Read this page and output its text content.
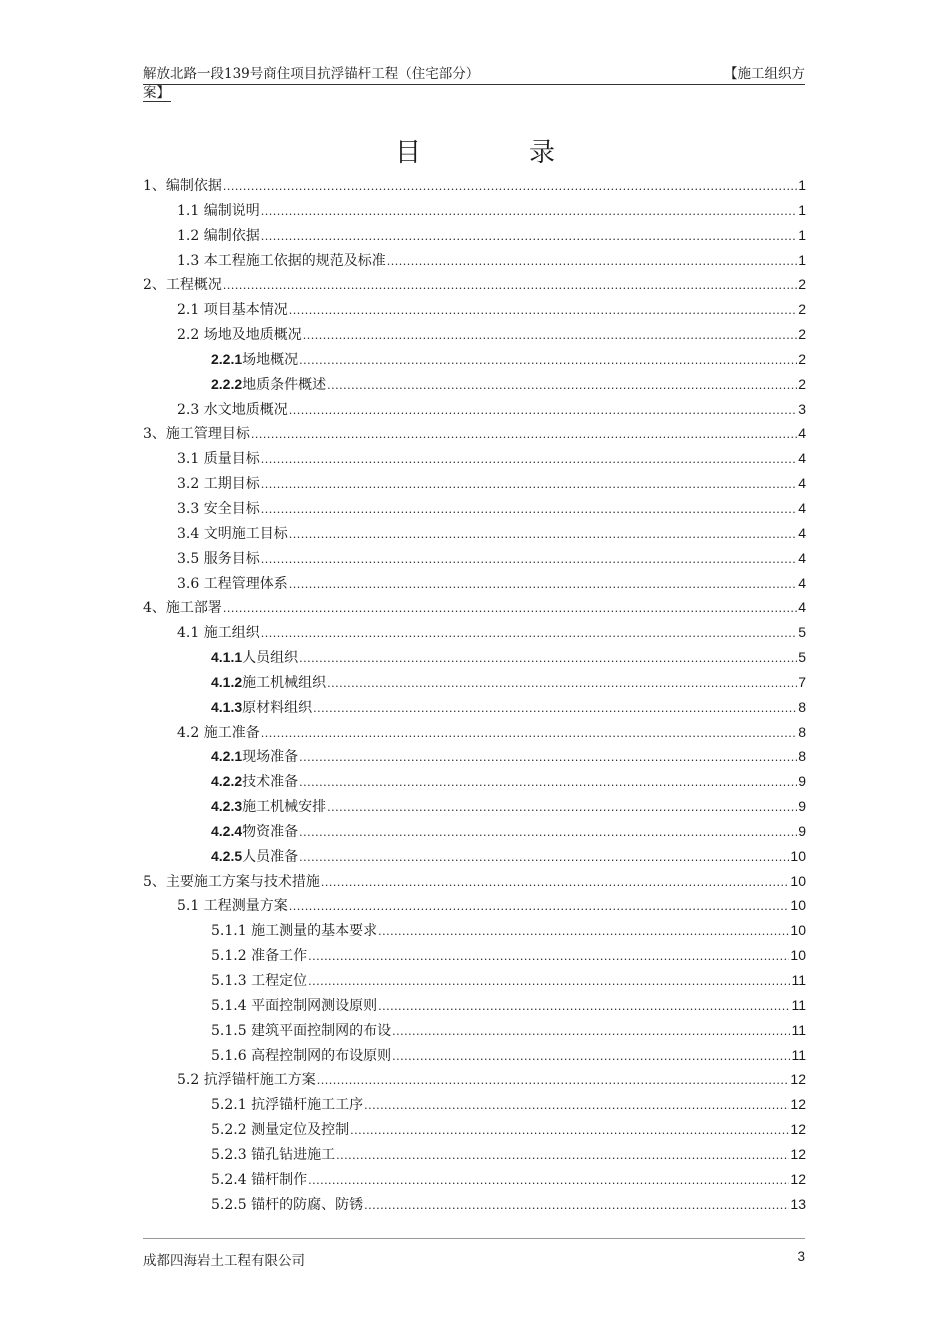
解放北路一段139号商住项目抗浮锚杆工程（住宅部分）	【施工组织方
案】
目	录
1、编制依据 .....	1
1.1 编制说明 .....	1
1.2 编制依据 .....	1
1.3 本工程施工依据的规范及标准 .....	1
2、工程概况 .....	2
2.1 项目基本情况 .....	2
2.2 场地及地质概况 .....	2
2.2.1场地概况 .....	2
2.2.2地质条件概述 .....	2
2.3 水文地质概况 .....	3
3、施工管理目标 .....	4
3.1 质量目标 .....	4
3.2 工期目标 .....	4
3.3 安全目标 .....	4
3.4 文明施工目标 .....	4
3.5 服务目标 .....	4
3.6 工程管理体系 .....	4
4、施工部署 .....	4
4.1 施工组织 .....	5
4.1.1人员组织 .....	5
4.1.2施工机械组织 .....	7
4.1.3原材料组织 .....	8
4.2 施工准备 .....	8
4.2.1现场准备 .....	8
4.2.2技术准备 .....	9
4.2.3施工机械安排 .....	9
4.2.4物资准备 .....	9
4.2.5人员准备 .....	10
5、主要施工方案与技术措施 .....	10
5.1 工程测量方案 .....	10
5.1.1 施工测量的基本要求 .....	10
5.1.2 准备工作 .....	10
5.1.3 工程定位 .....	11
5.1.4 平面控制网测设原则 .....	11
5.1.5 建筑平面控制网的布设 .....	11
5.1.6 高程控制网的布设原则 .....	11
5.2 抗浮锚杆施工方案 .....	12
5.2.1 抗浮锚杆施工工序 .....	12
5.2.2 测量定位及控制 .....	12
5.2.3 锚孔钻进施工 .....	12
5.2.4 锚杆制作 .....	12
5.2.5 锚杆的防腐、防锈 .....	13
成都四海岩土工程有限公司	3
